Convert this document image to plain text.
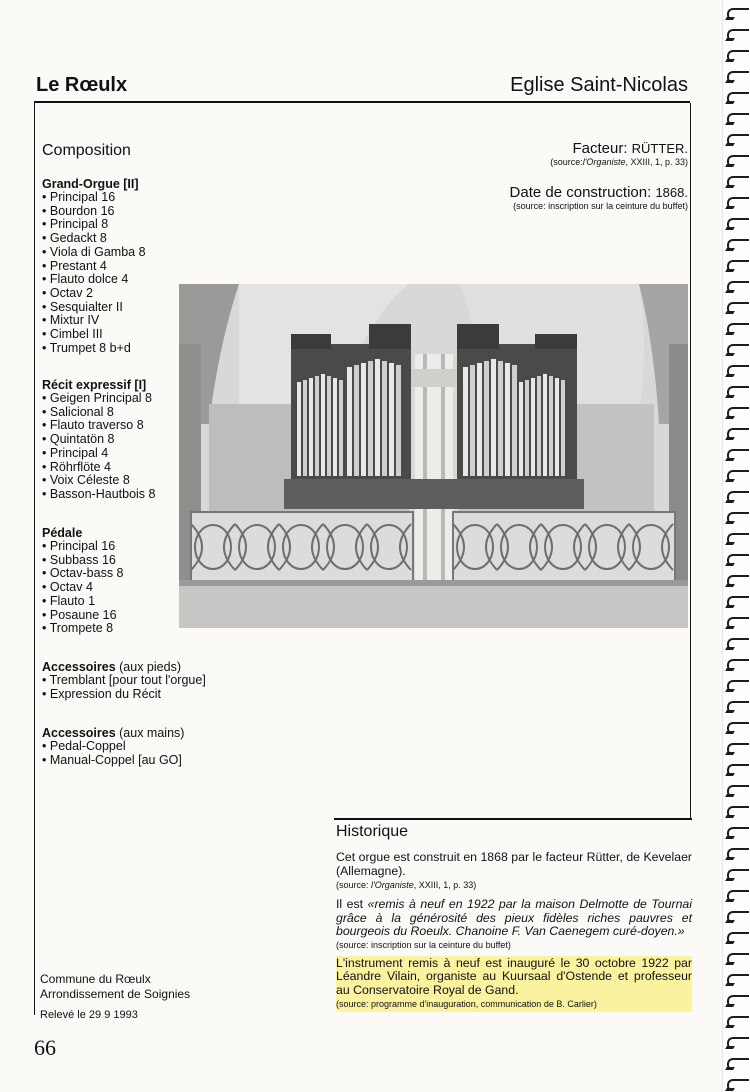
Le Rœulx	Eglise Saint-Nicolas
Composition
Grand-Orgue [II]
• Principal 16
• Bourdon 16
• Principal 8
• Gedackt 8
• Viola di Gamba 8
• Prestant 4
• Flauto dolce 4
• Octav 2
• Sesquialter II
• Mixtur IV
• Cimbel III
• Trumpet 8 b+d
Récit expressif [I]
• Geigen Principal 8
• Salicional 8
• Flauto traverso 8
• Quintatön 8
• Principal 4
• Röhrflöte 4
• Voix Céleste 8
• Basson-Hautbois 8
Pédale
• Principal 16
• Subbass 16
• Octav-bass 8
• Octav 4
• Flauto 1
• Posaune 16
• Trompete 8
Accessoires (aux pieds)
• Tremblant [pour tout l'orgue]
• Expression du Récit
Accessoires (aux mains)
• Pedal-Coppel
• Manual-Coppel [au GO]
Facteur: RÜTTER.
(source:l'Organiste, XXIII, 1, p. 33)
Date de construction: 1868.
(source: inscription sur la ceinture du buffet)
Historique
Cet orgue est construit en 1868 par le facteur Rütter, de Kevelaer (Allemagne).
(source: l'Organiste, XXIII, 1, p. 33)
Il est «remis à neuf en 1922 par la maison Delmotte de Tournai grâce à la générosité des pieux fidèles riches pauvres et bourgeois du Roeulx. Chanoine F. Van Caenegem curé-doyen.»
(source: inscription sur la ceinture du buffet)
L'instrument remis à neuf est inauguré le 30 octobre 1922 par Léandre Vilain, organiste au Kuursaal d'Ostende et professeur au Conservatoire Royal de Gand.
(source: programme d'inauguration, communication de B. Carlier)
Commune du Rœulx
Arrondissement de Soignies
Relevé le 29 9 1993
66
